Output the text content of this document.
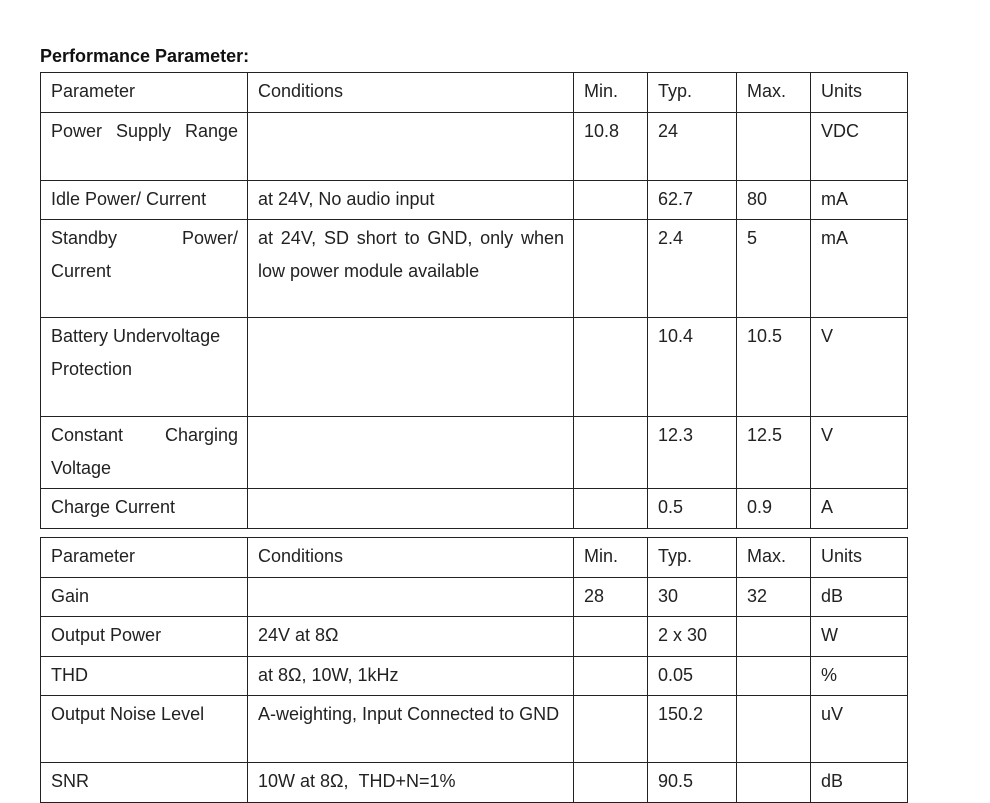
Performance Parameter:
Parameter	Conditions	Min.	Typ.	Max.	Units

Power Supply Range		10.8	24		VDC
Idle Power/ Current	at 24V, No audio input		62.7	80	mA
Standby Power/ Current	at 24V, SD short to GND, only when low power module available		2.4	5	mA
Battery Undervoltage Protection			10.4	10.5	V
Constant Charging Voltage			12.3	12.5	V
Charge Current			0.5	0.9	A
Parameter	Conditions	Min.	Typ.	Max.	Units
Gain		28	30	32	dB
Output Power	24V at 8Ω		2 x 30		W
THD	at 8Ω, 10W, 1kHz		0.05		%
Output Noise Level	A-weighting, Input Connected to GND		150.2		uV
SNR	10W at 8Ω,  THD+N=1%		90.5		dB
